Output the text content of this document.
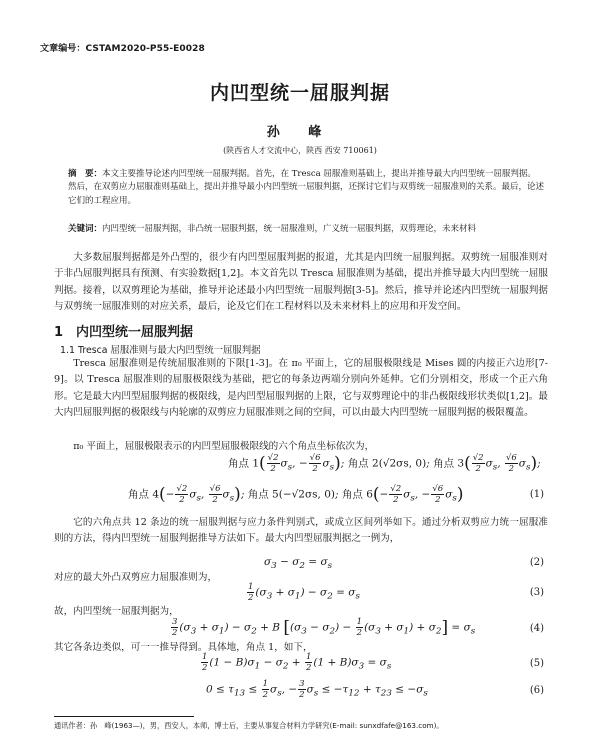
文章编号：CSTAM2020-P55-E0028
内凹型统一屈服判据
孙 峰
(陕西省人才交流中心，陕西 西安 710061)
摘　要：本文主要推导论述内凹型统一屈服判据。首先，在 Tresca 屈服准则基础上，提出并推导最大内凹型统一屈服判据。然后，在双剪应力屈服准则基础上，提出并推导最小内凹型统一屈服判据，还探讨它们与双剪统一屈服准则的关系。最后，论述它们的工程应用。
关键词：内凹型统一屈服判据，非凸统一屈服判据，统一屈服准则，广义统一屈服判据，双剪理论，未来材料
大多数屈服判据都是外凸型的，很少有内凹型屈服判据的报道，尤其是内凹统一屈服判据。双剪统一屈服准则对于非凸屈服判据具有预测、有实验数据[1,2]。本文首先以 Tresca 屈服准则为基础，提出并推导最大内凹型统一屈服判据。接着，以双剪理论为基础，推导并论述最小内凹型统一屈服判据[3-5]。然后，推导并论述内凹型统一屈服判据与双剪统一屈服准则的对应关系，最后，论及它们在工程材料以及未来材料上的应用和开发空间。
1 内凹型统一屈服判据
1.1 Tresca 屈服准则与最大内凹型统一屈服判据
Tresca 屈服准则是传统屈服准则的下限[1-3]。在 π₀ 平面上，它的屈服极限线是 Mises 圆的内接正六边形[7-9]。以 Tresca 屈服准则的屈服极限线为基础，把它的每条边两端分别向外延伸。它们分别相交，形成一个正六角形。它是最大内凹型屈服判据的极限线，是内凹型屈服判据的上限，它与双剪理论中的非凸极限线形状类似[1,2]。最大内凹屈服判据的极限线与内轮廓的双剪应力屈服准则之间的空间，可以由最大内凹型统一屈服判据的极限覆盖。
π₀ 平面上，屈服极限表示的内凹型屈服极限线的六个角点坐标依次为，
角点 $1( \frac{√2}{2} \sigma_s$, − $\frac{√6}{2} \sigma_s$); 角点 2(√2σs, 0); 角点 $3( \frac{√2}{2} \sigma_s$, $\frac{√6}{2} \sigma_s$);
角点 $4(- \frac{√2}{2} \sigma_s$, $\frac{√6}{2} \sigma_s$); 角点 5(−√2σs, 0); 角点 $6(- \frac{√2}{2} \sigma_s$, − $\frac{√6}{2} \sigma_s$)	(1)
它的六角点共 12 条边的统一屈服判据与应力条件判别式，或成立区间列举如下。通过分析双剪应力统一屈服准则的方法，得内凹型统一屈服判据推导方法如下。最大内凹型屈服判据之一例为，
$\sigma_3 - \sigma_2 = \sigma_s$	(2)
对应的最大外凸双剪应力屈服准则为，
$\frac{1}{2} (\sigma_3 + \sigma_1) - \sigma_2 = \sigma_s$	(3)
故，内凹型统一屈服判据为，
$\frac{3}{2} (\sigma_3 + \sigma_1) - \sigma_2 + B$ $[(\sigma_3 - \sigma_2) - \frac{1}{2} (\sigma_3 + \sigma_1) + \sigma_2] = \sigma_s$	(4)
其它各条边类似，可一一推导得到。具体地，角点 1，如下，
$\frac{1}{2} (1 - B)\sigma_1 - \sigma_2 + \frac{1}{2} (1 + B)\sigma_3 = \sigma_s$	(5)
$0 \le \tau_{13} \le \frac{1}{2} \sigma_s$, − $\frac{3}{2} \sigma_s \le -\tau_{12} + \tau_{23} \le -\sigma_s$	(6)
通讯作者：孙　峰(1963—)，男，西安人，本师，博士后，主要从事复合材料力学研究(E-mail: sunxdfafe@163.com)。
